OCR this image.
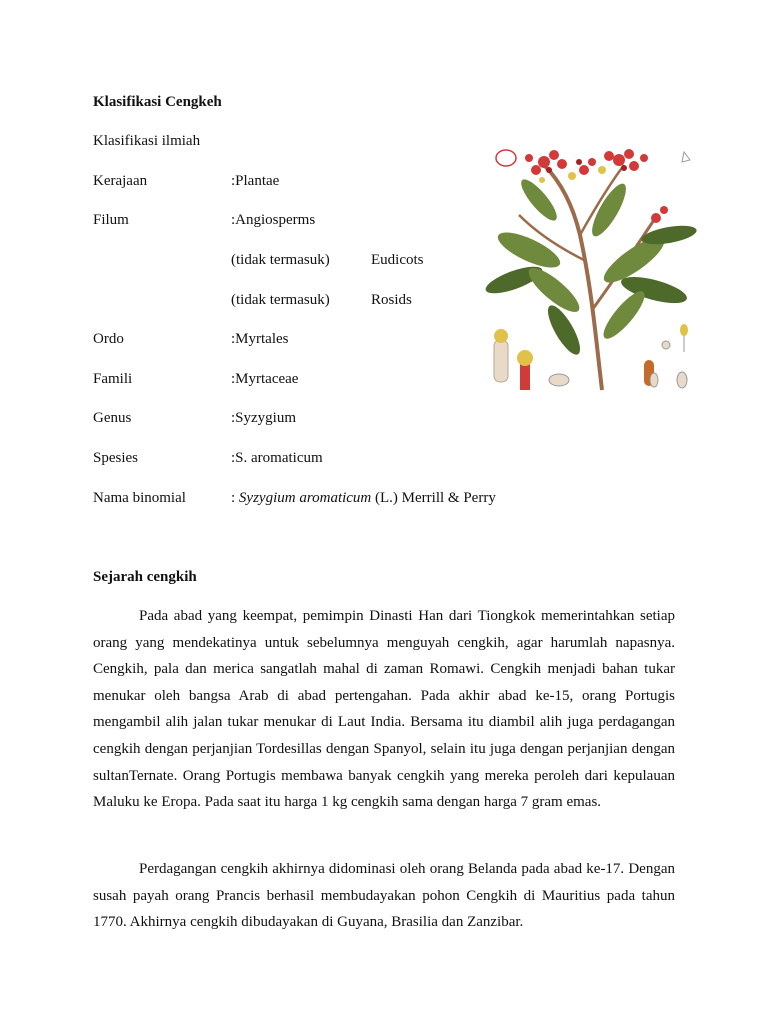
Klasifikasi Cengkeh
Klasifikasi ilmiah
Kerajaan	:Plantae
Filum	:Angiosperms
(tidak termasuk)	Eudicots
(tidak termasuk)	Rosids
Ordo	:Myrtales
Famili	:Myrtaceae
Genus	:Syzygium
Spesies	:S. aromaticum
Nama binomial	: Syzygium aromaticum (L.) Merrill & Perry
Sejarah cengkih

Pada abad yang keempat, pemimpin Dinasti Han dari Tiongkok memerintahkan setiap orang yang mendekatinya untuk sebelumnya menguyah cengkih, agar harumlah napasnya. Cengkih, pala dan merica sangatlah mahal di zaman Romawi. Cengkih menjadi bahan tukar menukar oleh bangsa Arab di abad pertengahan. Pada akhir abad ke-15, orang Portugis mengambil alih jalan tukar menukar di Laut India. Bersama itu diambil alih juga perdagangan cengkih dengan perjanjian Tordesillas dengan Spanyol, selain itu juga dengan perjanjian dengan sultanTernate. Orang Portugis membawa banyak cengkih yang mereka peroleh dari kepulauan Maluku ke Eropa. Pada saat itu harga 1 kg cengkih sama dengan harga 7 gram emas.

Perdagangan cengkih akhirnya didominasi oleh orang Belanda pada abad ke-17. Dengan susah payah orang Prancis berhasil membudayakan pohon Cengkih di Mauritius pada tahun 1770. Akhirnya cengkih dibudayakan di Guyana, Brasilia dan Zanzibar.
